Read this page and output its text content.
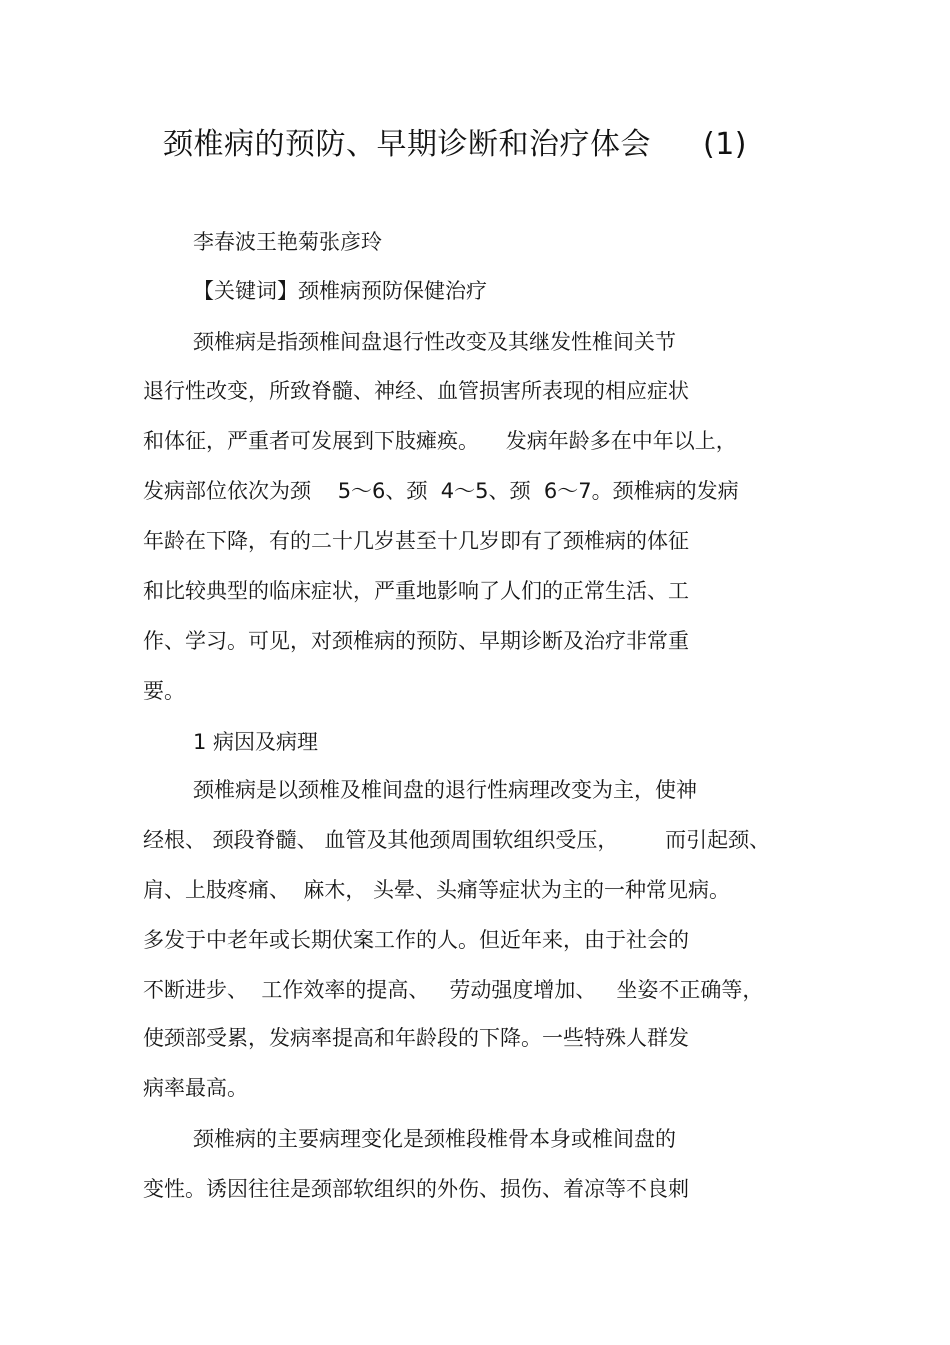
颈椎病的预防、早期诊断和治疗体会 (1)
李春波王艳菊张彦玲
【关键词】颈椎病预防保健治疗
颈椎病是指颈椎间盘退行性改变及其继发性椎间关节
退行性改变，所致脊髓、神经、血管损害所表现的相应症状
和体征，严重者可发展到下肢瘫痪。    发病年龄多在中年以上，
发病部位依次为颈    5～6、颈  4～5、颈  6～7。颈椎病的发病
年龄在下降，有的二十几岁甚至十几岁即有了颈椎病的体征
和比较典型的临床症状，严重地影响了人们的正常生活、工
作、学习。可见，对颈椎病的预防、早期诊断及治疗非常重
要。
1 病因及病理
颈椎病是以颈椎及椎间盘的退行性病理改变为主，使神
经根、 颈段脊髓、 血管及其他颈周围软组织受压，       而引起颈、
肩、上肢疼痛、  麻木， 头晕、头痛等症状为主的一种常见病。
多发于中老年或长期伏案工作的人。但近年来，由于社会的
不断进步、  工作效率的提高、   劳动强度增加、   坐姿不正确等，
使颈部受累，发病率提高和年龄段的下降。一些特殊人群发
病率最高。
颈椎病的主要病理变化是颈椎段椎骨本身或椎间盘的
变性。诱因往往是颈部软组织的外伤、损伤、着凉等不良刺
